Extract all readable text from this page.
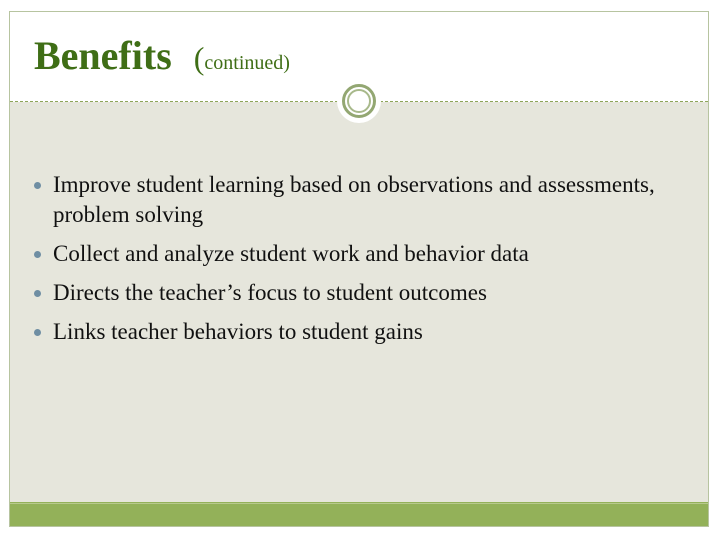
Benefits (continued)
Improve student learning based on observations and assessments, problem solving
Collect and analyze student work and behavior data
Directs the teacher’s focus to student outcomes
Links teacher behaviors to student gains
